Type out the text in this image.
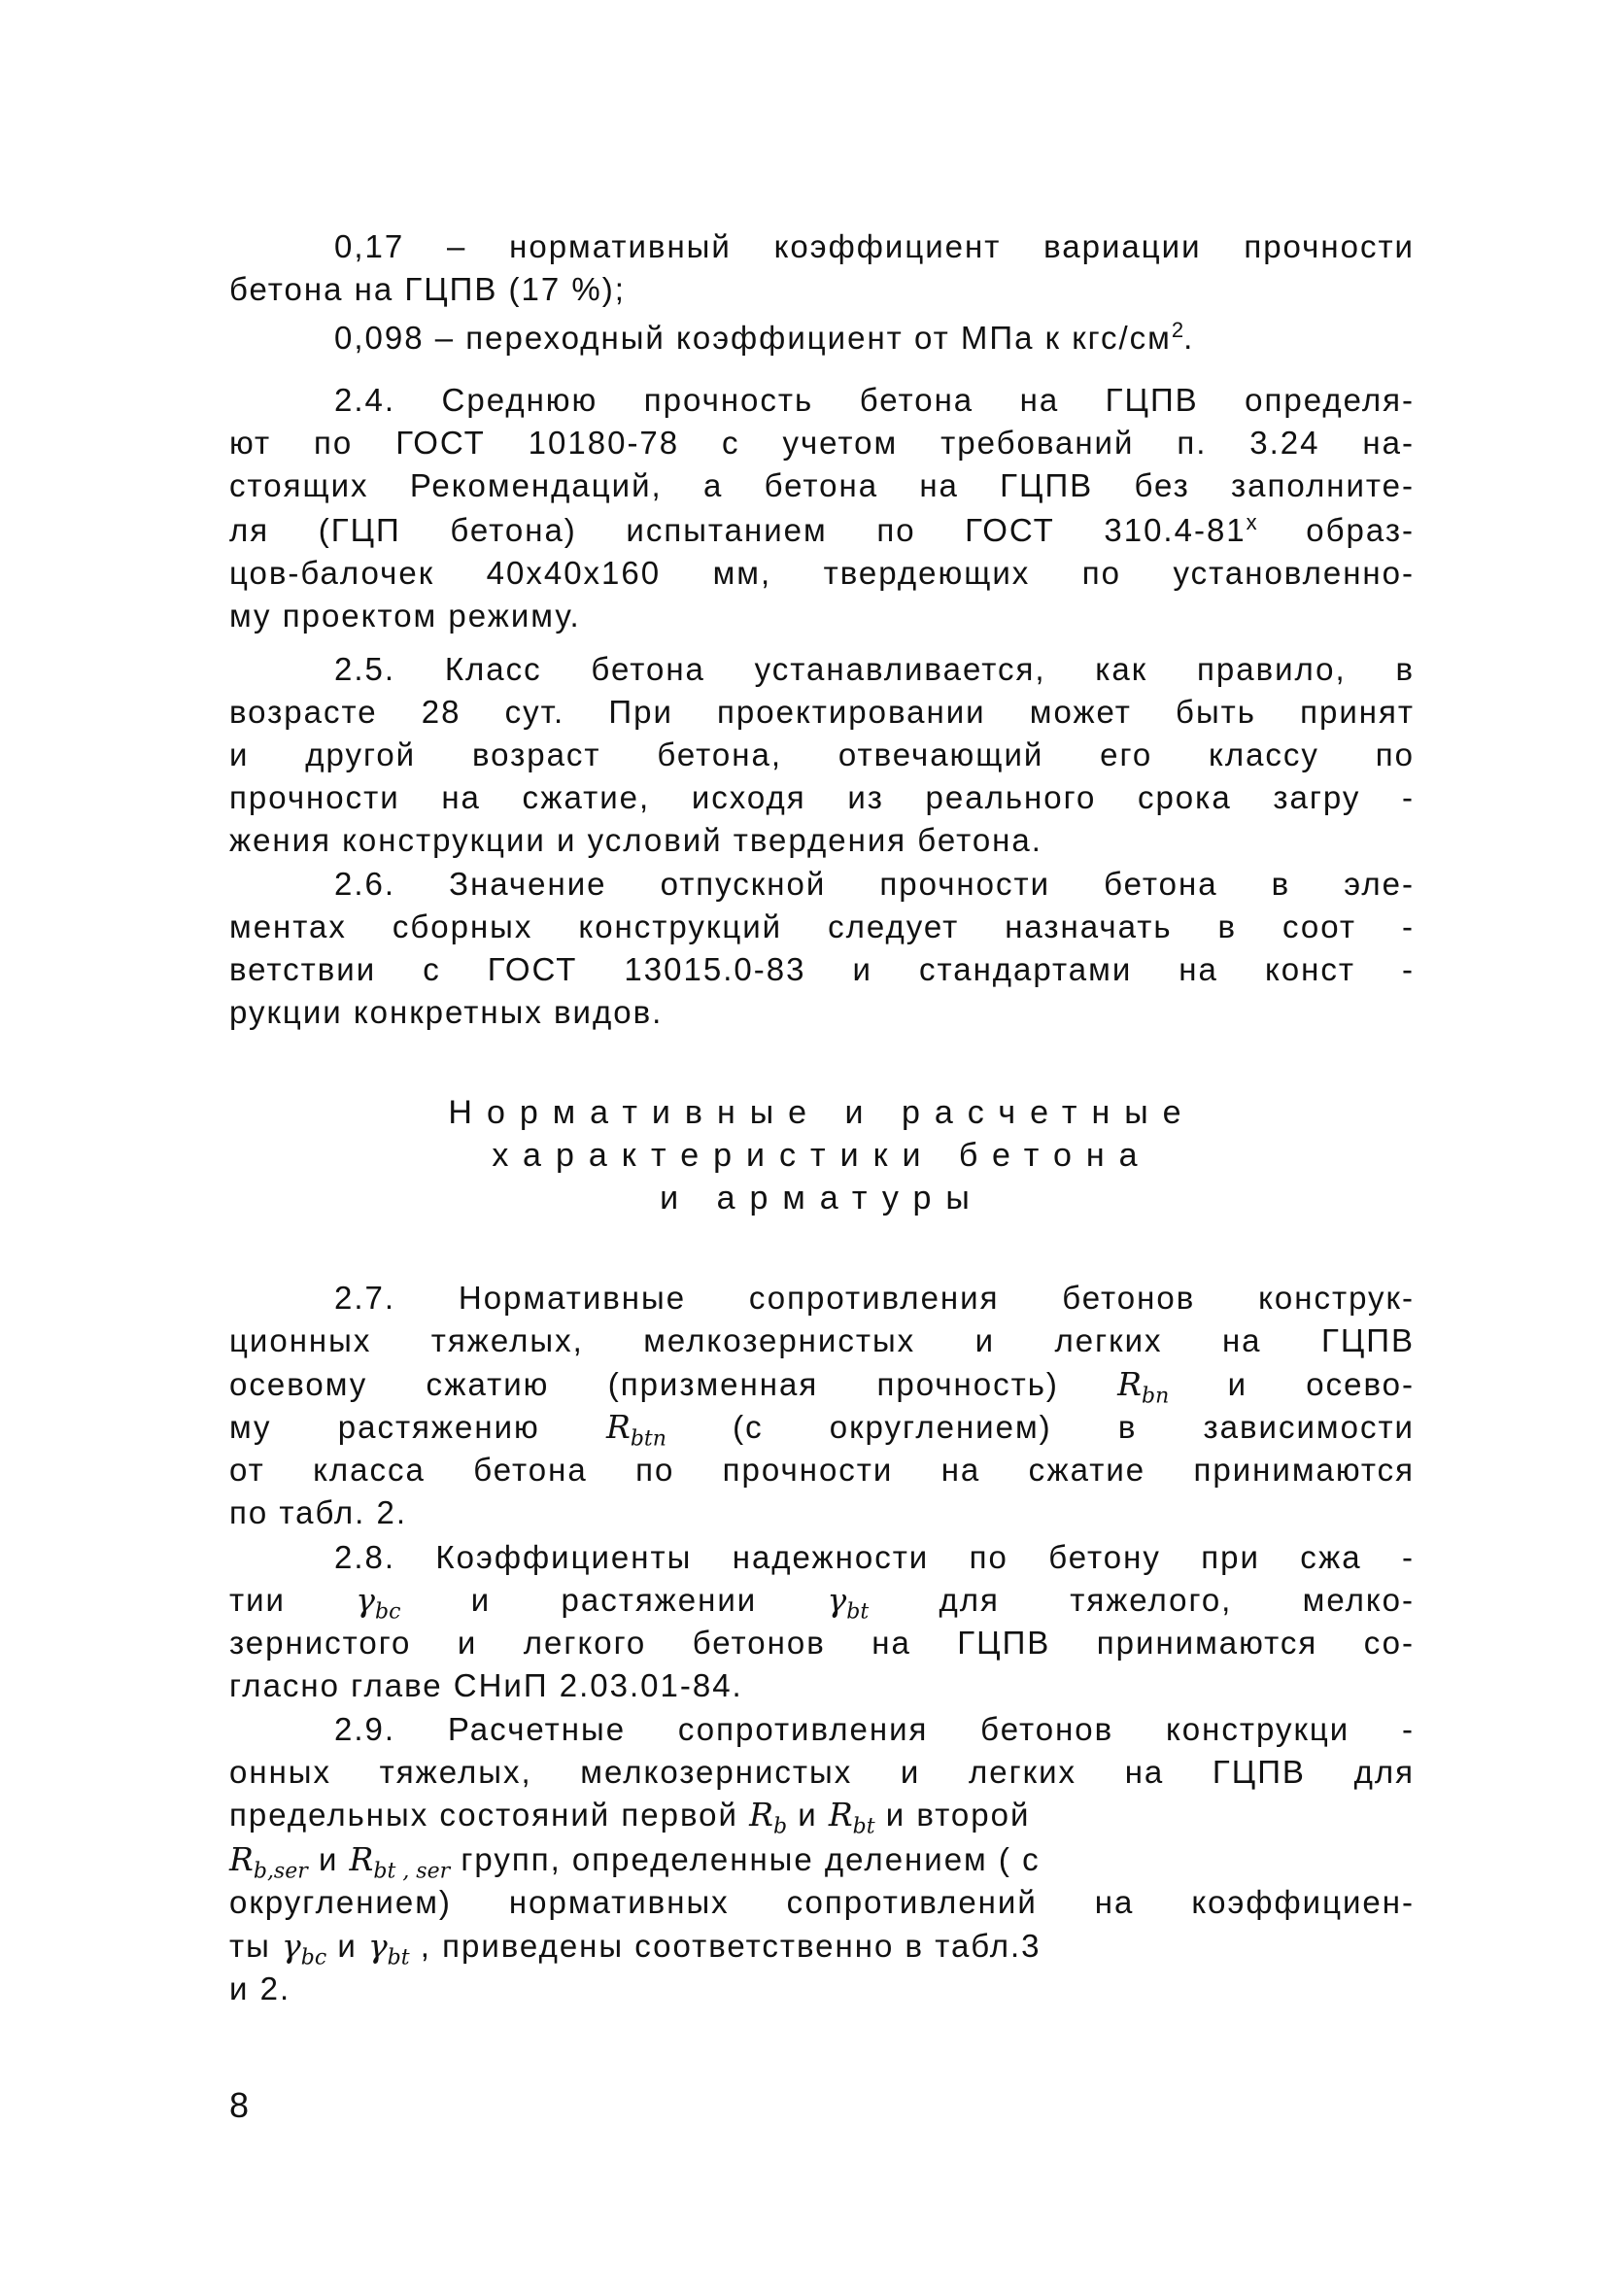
0,17 – нормативный коэффициент вариации прочности

бетона на ГЦПВ (17 %);

0,098 – переходный коэффициент от МПа к кгс/$см^2$.

2.4. Среднюю прочность бетона на ГЦПВ определя-

ют по ГОСТ 10180-78 с учетом требований п. 3.24 на-

стоящих Рекомендаций, а бетона на ГЦПВ без заполните-

ля (ГЦП бетона) испытанием по ГОСТ $310.4-81^х$ образ-

цов-балочек 40х40х160 мм, твердеющих по установленно-

му проектом режиму.

2.5. Класс бетона устанавливается, как правило, в

возрасте 28 сут. При проектировании может быть принят

и другой возраст бетона, отвечающий его классу по

прочности на сжатие, исходя из реального срока загру -

жения конструкции и условий твердения бетона.

2.6. Значение отпускной прочности бетона в эле-

ментах сборных конструкций следует назначать в соот -

ветствии с ГОСТ 13015.0-83 и стандартами на конст -

рукции конкретных видов.

Нормативные и расчетные

характеристики бетона

и арматуры

2.7. Нормативные сопротивления бетонов конструк-

ционных тяжелых, мелкозернистых и легких на ГЦПВ

осевому сжатию (призменная прочность) $R_{bn}$ и осево-

му растяжению $R_{btn}$ (с округлением) в зависимости

от класса бетона по прочности на сжатие принимаются

по табл. 2.

2.8. Коэффициенты надежности по бетону при сжа -

тии $\gamma_{bc}$ и растяжении $\gamma_{bt}$ для тяжелого, мелко-

зернистого и легкого бетонов на ГЦПВ принимаются со-

гласно главе СНиП 2.03.01-84.

2.9. Расчетные сопротивления бетонов конструкци -

онных тяжелых, мелкозернистых и легких на ГЦПВ для

предельных состояний первой $R_b$ и $R_{bt}$ и второй

$R_{b,ser}$ и $R_{bt , ser}$ групп, определенные делением ( с

округлением) нормативных сопротивлений на коэффициен-

ты $\gamma_{bc}$ и $\gamma_{bt}$ , приведены соответственно в табл.3

и 2.

8
